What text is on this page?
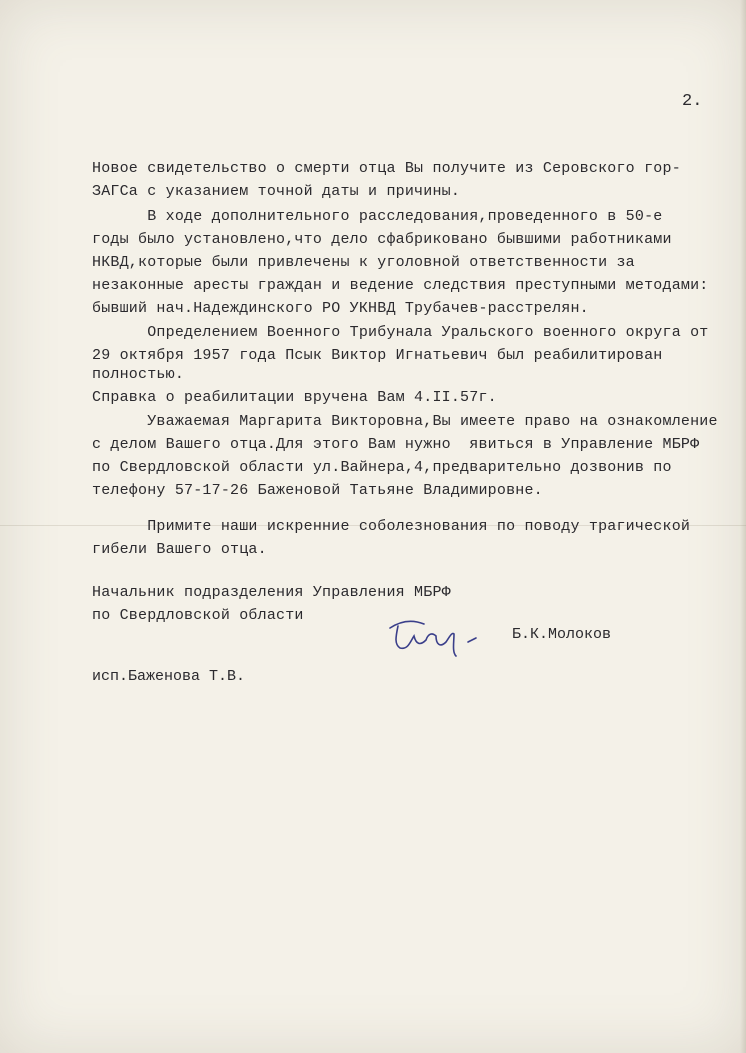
2.
Новое свидетельство о смерти отца Вы получите из Серовского гор-
ЗАГСа с указанием точной даты и причины.
В ходе дополнительного расследования,проведенного в 50-е
годы было установлено,что дело сфабриковано бывшими работниками
НКВД,которые были привлечены к уголовной ответственности за
незаконные аресты граждан и ведение следствия преступными методами:
бывший нач.Надеждинского РО УКНВД Трубачев-расстрелян.
Определением Военного Трибунала Уральского военного округа от
29 октября 1957 года Псык Виктор Игнатьевич был реабилитирован
полностью.
Справка о реабилитации вручена Вам 4.II.57г.
Уважаемая Маргарита Викторовна,Вы имеете право на ознакомление
с делом Вашего отца.Для этого Вам нужно  явиться в Управление МБРФ
по Свердловской области ул.Вайнера,4,предварительно дозвонив по
телефону 57-17-26 Баженовой Татьяне Владимировне.
Примите наши искренние соболезнования по поводу трагической
гибели Вашего отца.
Начальник подразделения Управления МБРФ
по Свердловской области
Б.К.Молоков
исп.Баженова Т.В.
